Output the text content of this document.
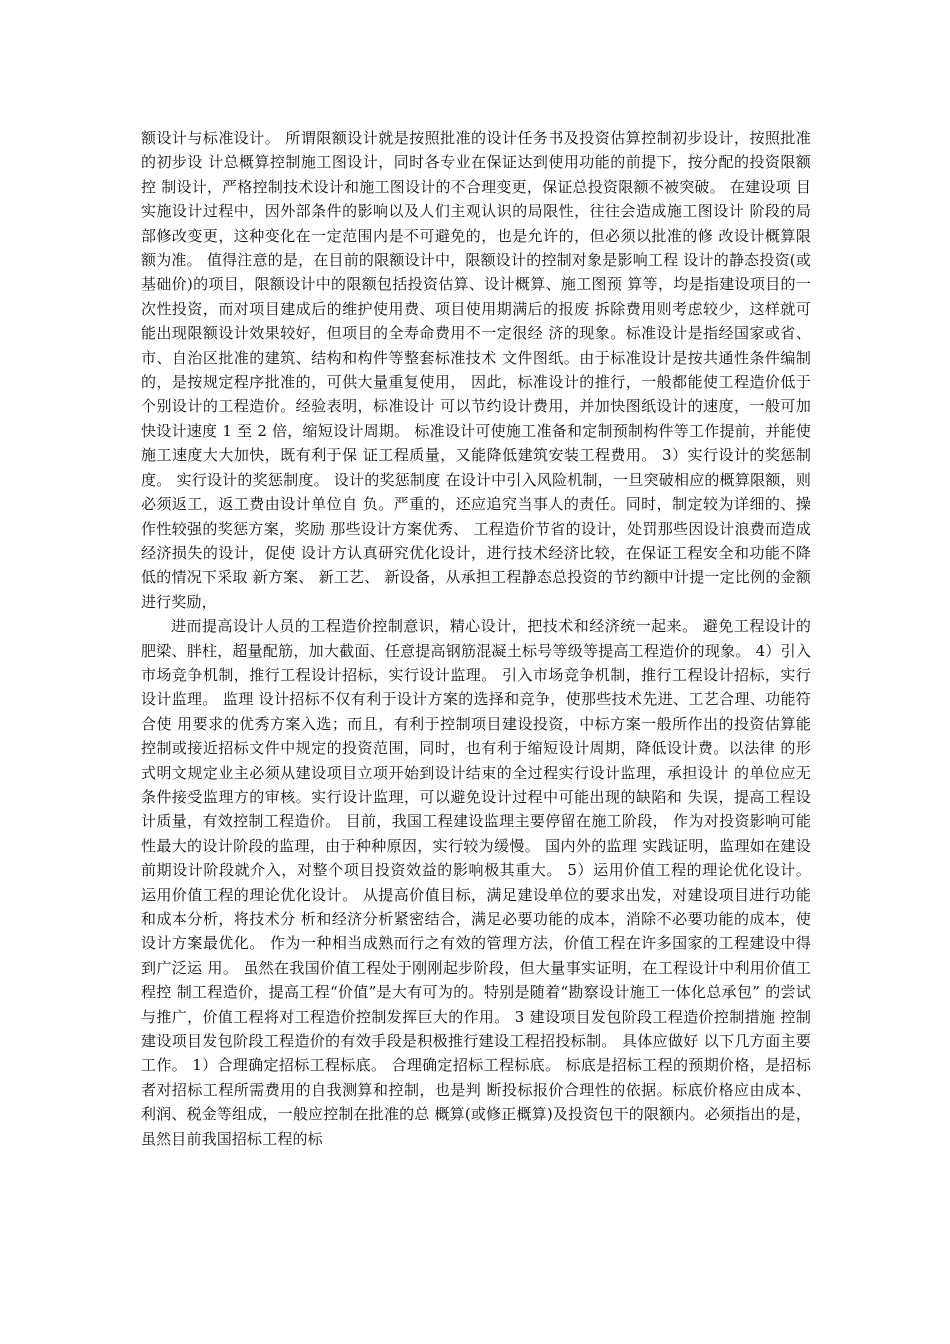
额设计与标准设计。 所谓限额设计就是按照批准的设计任务书及投资估算控制初步设计，按照批准的初步设 计总概算控制施工图设计，同时各专业在保证达到使用功能的前提下，按分配的投资限额控 制设计，严格控制技术设计和施工图设计的不合理变更，保证总投资限额不被突破。 在建设项 目实施设计过程中，因外部条件的影响以及人们主观认识的局限性，往往会造成施工图设计 阶段的局部修改变更，这种变化在一定范围内是不可避免的，也是允许的，但必须以批准的修 改设计概算限额为准。 值得注意的是，在目前的限额设计中，限额设计的控制对象是影响工程 设计的静态投资(或基础价)的项目，限额设计中的限额包括投资估算、设计概算、施工图预 算等，均是指建设项目的一次性投资，而对项目建成后的维护使用费、项目使用期满后的报废 拆除费用则考虑较少，这样就可能出现限额设计效果较好，但项目的全寿命费用不一定很经 济的现象。标准设计是指经国家或省、市、自治区批准的建筑、结构和构件等整套标准技术 文件图纸。由于标准设计是按共通性条件编制的，是按规定程序批准的，可供大量重复使用， 因此，标准设计的推行，一般都能使工程造价低于个别设计的工程造价。经验表明，标准设计 可以节约设计费用，并加快图纸设计的速度，一般可加快设计速度 1 至 2 倍，缩短设计周期。 标准设计可使施工准备和定制预制构件等工作提前，并能使施工速度大大加快，既有利于保 证工程质量，又能降低建筑安装工程费用。 3）实行设计的奖惩制度。 实行设计的奖惩制度。 设计的奖惩制度 在设计中引入风险机制，一旦突破相应的概算限额，则必须返工，返工费由设计单位自 负。严重的，还应追究当事人的责任。同时，制定较为详细的、操作性较强的奖惩方案，奖励 那些设计方案优秀、 工程造价节省的设计，处罚那些因设计浪费而造成经济损失的设计，促使 设计方认真研究优化设计，进行技术经济比较，在保证工程安全和功能不降低的情况下采取 新方案、 新工艺、 新设备，从承担工程静态总投资的节约额中计提一定比例的金额进行奖励，

进而提高设计人员的工程造价控制意识，精心设计，把技术和经济统一起来。 避免工程设计的 肥梁、胖柱，超量配筋，加大截面、任意提高钢筋混凝土标号等级等提高工程造价的现象。 4）引入市场竞争机制，推行工程设计招标，实行设计监理。 引入市场竞争机制，推行工程设计招标，实行设计监理。 监理 设计招标不仅有利于设计方案的选择和竞争，使那些技术先进、工艺合理、功能符合使 用要求的优秀方案入选；而且，有利于控制项目建设投资，中标方案一般所作出的投资估算能 控制或接近招标文件中规定的投资范围，同时，也有利于缩短设计周期，降低设计费。以法律 的形式明文规定业主必须从建设项目立项开始到设计结束的全过程实行设计监理，承担设计 的单位应无条件接受监理方的审核。实行设计监理，可以避免设计过程中可能出现的缺陷和 失误，提高工程设计质量，有效控制工程造价。 目前，我国工程建设监理主要停留在施工阶段， 作为对投资影响可能性最大的设计阶段的监理，由于种种原因，实行较为缓慢。 国内外的监理 实践证明，监理如在建设前期设计阶段就介入，对整个项目投资效益的影响极其重大。 5）运用价值工程的理论优化设计。 运用价值工程的理论优化设计。 从提高价值目标，满足建设单位的要求出发，对建设项目进行功能和成本分析，将技术分 析和经济分析紧密结合，满足必要功能的成本，消除不必要功能的成本，使设计方案最优化。 作为一种相当成熟而行之有效的管理方法，价值工程在许多国家的工程建设中得到广泛运 用。 虽然在我国价值工程处于刚刚起步阶段，但大量事实证明，在工程设计中利用价值工程控 制工程造价，提高工程“价值”是大有可为的。特别是随着“勘察设计施工一体化总承包” 的尝试与推广，价值工程将对工程造价控制发挥巨大的作用。 3 建设项目发包阶段工程造价控制措施 控制建设项目发包阶段工程造价的有效手段是积极推行建设工程招投标制。 具体应做好 以下几方面主要工作。 1）合理确定招标工程标底。 合理确定招标工程标底。 标底是招标工程的预期价格，是招标者对招标工程所需费用的自我测算和控制，也是判 断投标报价合理性的依据。标底价格应由成本、利润、税金等组成，一般应控制在批准的总 概算(或修正概算)及投资包干的限额内。必须指出的是，虽然目前我国招标工程的标
